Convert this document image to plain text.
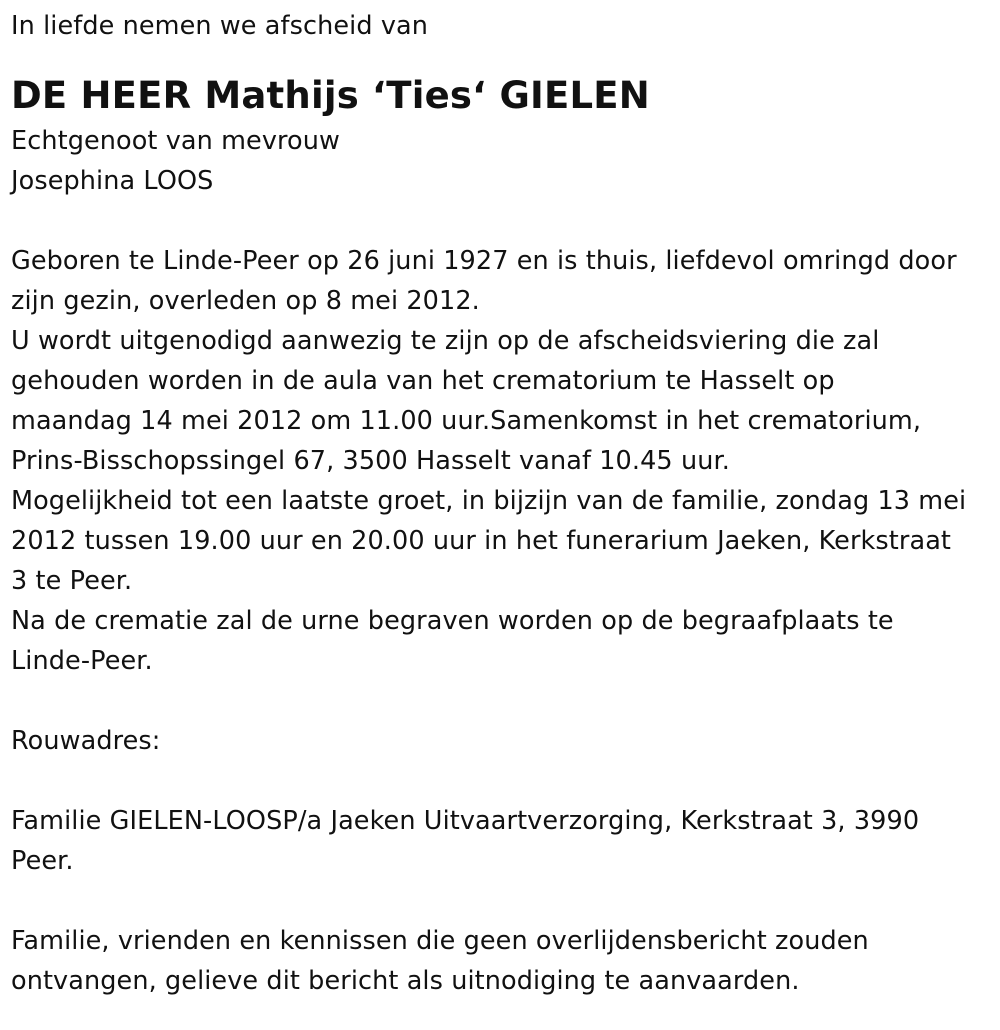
In liefde nemen we afscheid van
DE HEER Mathijs ‘Ties‘ GIELEN
Echtgenoot van mevrouw
Josephina LOOS
Geboren te Linde-Peer op 26 juni 1927 en is thuis, liefdevol omringd door
zijn gezin, overleden op 8 mei 2012.
U wordt uitgenodigd aanwezig te zijn op de afscheidsviering die zal
gehouden worden in de aula van het crematorium te Hasselt op
maandag 14 mei 2012 om 11.00 uur.Samenkomst in het crematorium,
Prins-Bisschopssingel 67, 3500 Hasselt vanaf 10.45 uur.
Mogelijkheid tot een laatste groet, in bijzijn van de familie, zondag 13 mei
2012 tussen 19.00 uur en 20.00 uur in het funerarium Jaeken, Kerkstraat
3 te Peer.
Na de crematie zal de urne begraven worden op de begraafplaats te
Linde-Peer.
Rouwadres:
Familie GIELEN-LOOSP/a Jaeken Uitvaartverzorging, Kerkstraat 3, 3990
Peer.
Familie, vrienden en kennissen die geen overlijdensbericht zouden
ontvangen, gelieve dit bericht als uitnodiging te aanvaarden.
